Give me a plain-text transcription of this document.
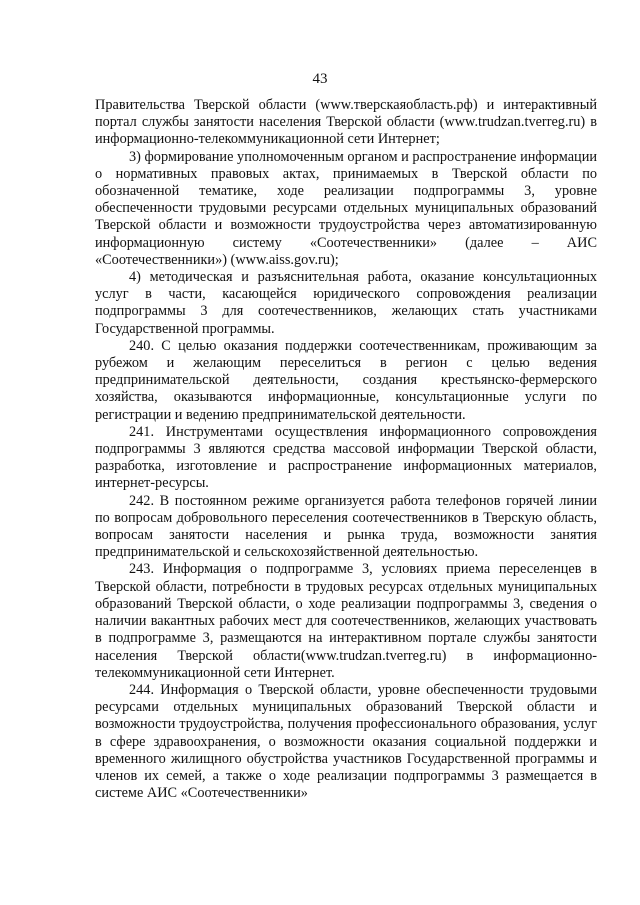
43

Правительства Тверской области (www.тверскаяобласть.рф) и интерактивный портал службы занятости населения Тверской области (www.trudzan.tverreg.ru) в информационно-телекоммуникационной сети Интернет;

3) формирование уполномоченным органом и распространение информации о нормативных правовых актах, принимаемых в Тверской области по обозначенной тематике, ходе реализации подпрограммы 3, уровне обеспеченности трудовыми ресурсами отдельных муниципальных образований Тверской области и возможности трудоустройства через автоматизированную информационную систему «Соотечественники» (далее – АИС «Соотечественники») (www.aiss.gov.ru);

4) методическая и разъяснительная работа, оказание консультационных услуг в части, касающейся юридического сопровождения реализации подпрограммы 3 для соотечественников, желающих стать участниками Государственной программы.

240. С целью оказания поддержки соотечественникам, проживающим за рубежом и желающим переселиться в регион с целью ведения предпринимательской деятельности, создания крестьянско-фермерского хозяйства, оказываются информационные, консультационные услуги по регистрации и ведению предпринимательской деятельности.

241. Инструментами осуществления информационного сопровождения подпрограммы 3 являются средства массовой информации Тверской области, разработка, изготовление и распространение информационных материалов, интернет-ресурсы.

242. В постоянном режиме организуется работа телефонов горячей линии по вопросам добровольного переселения соотечественников в Тверскую область, вопросам занятости населения и рынка труда, возможности занятия предпринимательской и сельскохозяйственной деятельностью.

243. Информация о подпрограмме 3, условиях приема переселенцев в Тверской области, потребности в трудовых ресурсах отдельных муниципальных образований Тверской области, о ходе реализации подпрограммы 3, сведения о наличии вакантных рабочих мест для соотечественников, желающих участвовать в подпрограмме 3, размещаются на интерактивном портале службы занятости населения Тверской области(www.trudzan.tverreg.ru) в информационно-телекоммуникационной сети Интернет.

244. Информация о Тверской области, уровне обеспеченности трудовыми ресурсами отдельных муниципальных образований Тверской области и возможности трудоустройства, получения профессионального образования, услуг в сфере здравоохранения, о возможности оказания социальной поддержки и временного жилищного обустройства участников Государственной программы и членов их семей, а также о ходе реализации подпрограммы 3 размещается в системе АИС «Соотечественники»
